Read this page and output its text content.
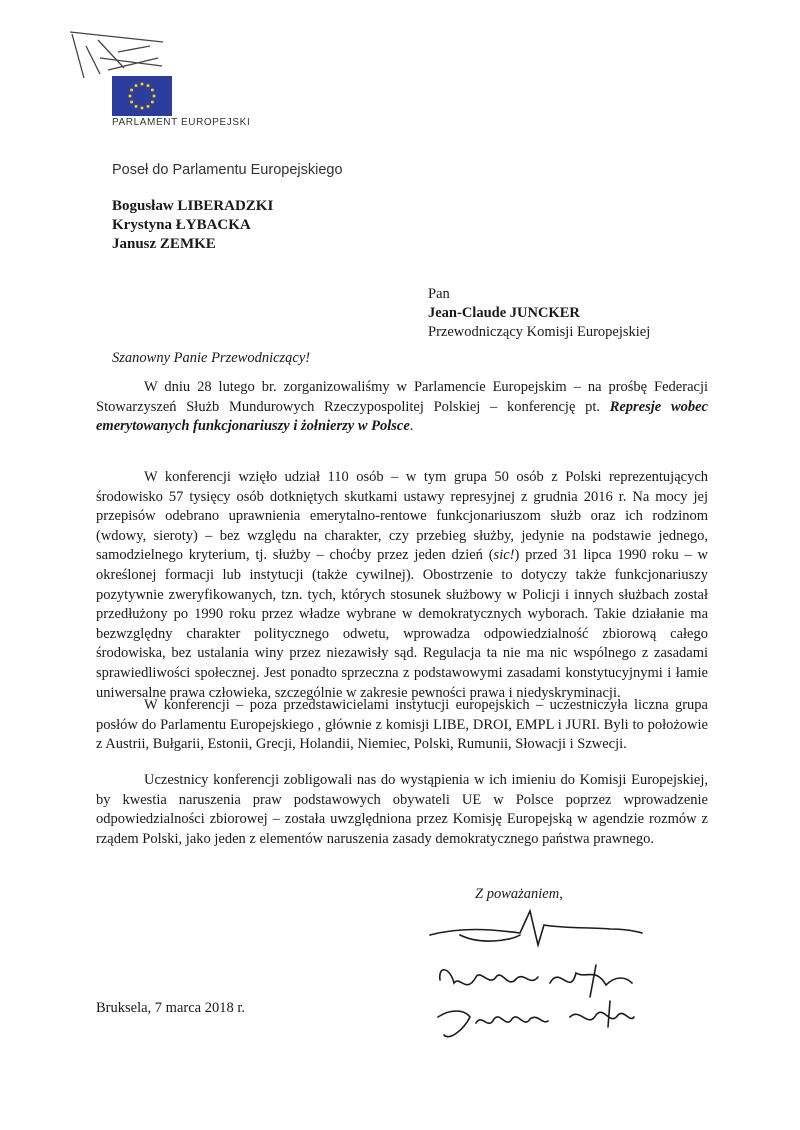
PARLAMENT EUROPEJSKI
Poseł do Parlamentu Europejskiego
Bogusław LIBERADZKI
Krystyna ŁYBACKA
Janusz ZEMKE
Pan
Jean-Claude JUNCKER
Przewodniczący Komisji Europejskiej
Szanowny Panie Przewodniczący!

W dniu 28 lutego br. zorganizowaliśmy w Parlamencie Europejskim – na prośbę Federacji Stowarzyszeń Służb Mundurowych Rzeczypospolitej Polskiej – konferencję pt. Represje wobec emerytowanych funkcjonariuszy i żołnierzy w Polsce.

W konferencji wzięło udział 110 osób – w tym grupa 50 osób z Polski reprezentujących środowisko 57 tysięcy osób dotkniętych skutkami ustawy represyjnej z grudnia 2016 r. Na mocy jej przepisów odebrano uprawnienia emerytalno-rentowe funkcjonariuszom służb oraz ich rodzinom (wdowy, sieroty) – bez względu na charakter, czy przebieg służby, jedynie na podstawie jednego, samodzielnego kryterium, tj. służby – choćby przez jeden dzień (sic!) przed 31 lipca 1990 roku – w określonej formacji lub instytucji (także cywilnej). Obostrzenie to dotyczy także funkcjonariuszy pozytywnie zweryfikowanych, tzn. tych, których stosunek służbowy w Policji i innych służbach został przedłużony po 1990 roku przez władze wybrane w demokratycznych wyborach. Takie działanie ma bezwzględny charakter politycznego odwetu, wprowadza odpowiedzialność zbiorową całego środowiska, bez ustalania winy przez niezawisły sąd. Regulacja ta nie ma nic wspólnego z zasadami sprawiedliwości społecznej. Jest ponadto sprzeczna z podstawowymi zasadami konstytucyjnymi i łamie uniwersalne prawa człowieka, szczególnie w zakresie pewności prawa i niedyskryminacji.

W konferencji – poza przedstawicielami instytucji europejskich – uczestniczyła liczna grupa posłów do Parlamentu Europejskiego , głównie z komisji LIBE, DROI, EMPL i JURI. Byli to położowie z Austrii, Bułgarii, Estonii, Grecji, Holandii, Niemiec, Polski, Rumunii, Słowacji i Szwecji.

Uczestnicy konferencji zobligowali nas do wystąpienia w ich imieniu do Komisji Europejskiej, by kwestia naruszenia praw podstawowych obywateli UE w Polsce poprzez wprowadzenie odpowiedzialności zbiorowej – została uwzględniona przez Komisję Europejską w agendzie rozmów z rządem Polski, jako jeden z elementów naruszenia zasady demokratycznego państwa prawnego.

Z poważaniem,
Bruksela, 7 marca 2018 r.
